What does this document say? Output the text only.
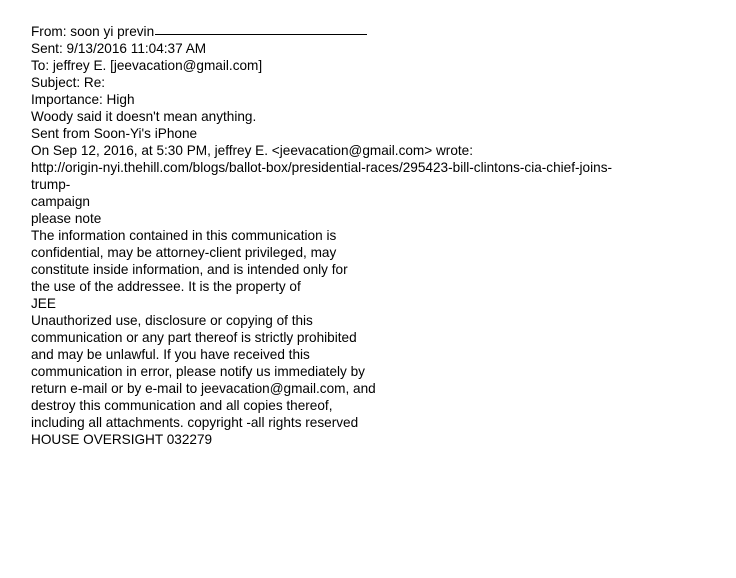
From: soon yi previn
Sent: 9/13/2016 11:04:37 AM
To: jeffrey E. [jeevacation@gmail.com]
Subject: Re:
Importance: High
Woody said it doesn't mean anything.
Sent from Soon-Yi's iPhone
On Sep 12, 2016, at 5:30 PM, jeffrey E. <jeevacation@gmail.com> wrote:
http://origin-nyi.thehill.com/blogs/ballot-box/presidential-races/295423-bill-clintons-cia-chief-joins-
trump-
campaign
please note
The information contained in this communication is
confidential, may be attorney-client privileged, may
constitute inside information, and is intended only for
the use of the addressee. It is the property of
JEE
Unauthorized use, disclosure or copying of this
communication or any part thereof is strictly prohibited
and may be unlawful. If you have received this
communication in error, please notify us immediately by
return e-mail or by e-mail to jeevacation@gmail.com, and
destroy this communication and all copies thereof,
including all attachments. copyright -all rights reserved
HOUSE OVERSIGHT 032279
